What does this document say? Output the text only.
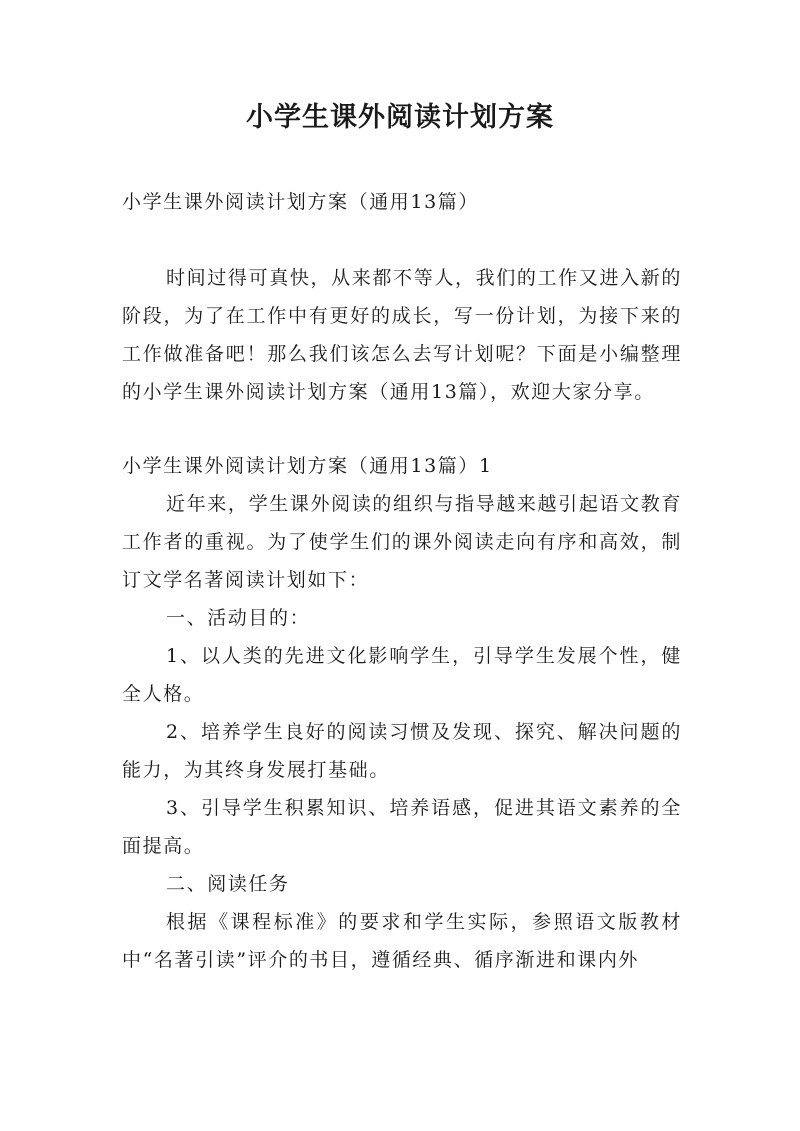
小学生课外阅读计划方案

小学生课外阅读计划方案（通用13篇）

时间过得可真快，从来都不等人，我们的工作又进入新的阶段，为了在工作中有更好的成长，写一份计划，为接下来的工作做准备吧！那么我们该怎么去写计划呢？下面是小编整理的小学生课外阅读计划方案（通用13篇），欢迎大家分享。

小学生课外阅读计划方案（通用13篇）1

近年来，学生课外阅读的组织与指导越来越引起语文教育工作者的重视。为了使学生们的课外阅读走向有序和高效，制订文学名著阅读计划如下：

一、活动目的：

1、以人类的先进文化影响学生，引导学生发展个性，健全人格。

2、培养学生良好的阅读习惯及发现、探究、解决问题的能力，为其终身发展打基础。

3、引导学生积累知识、培养语感，促进其语文素养的全面提高。

二、阅读任务

根据《课程标准》的要求和学生实际，参照语文版教材中“名著引读”评介的书目，遵循经典、循序渐进和课内外
